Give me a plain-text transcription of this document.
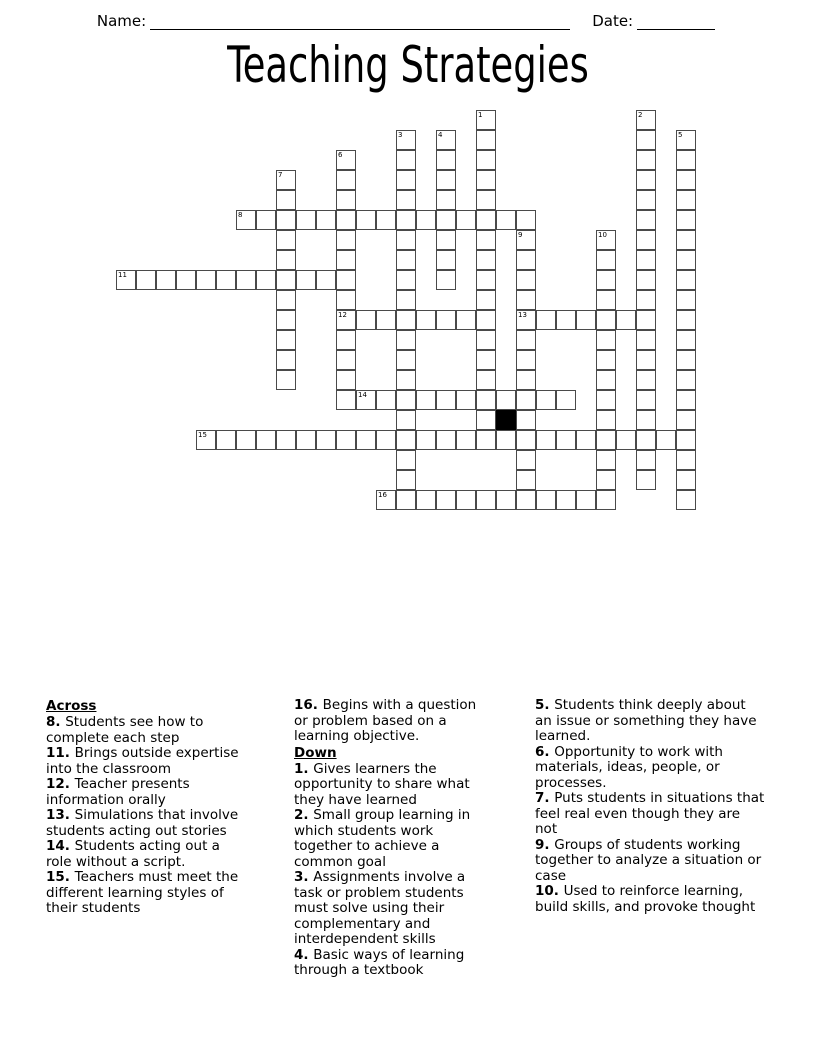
Name:	Date:
Teaching Strategies
1	2
3	4	5
6
12
7
8
9
13
10
11
14
15
16
Across
8. Students see how to complete each step
11. Brings outside expertise into the classroom
12. Teacher presents information orally
13. Simulations that involve students acting out stories
14. Students acting out a role without a script.
15. Teachers must meet the different learning styles of their students
16. Begins with a question or problem based on a learning objective.
Down
1. Gives learners the opportunity to share what they have learned
2. Small group learning in which students work together to achieve a common goal
3. Assignments involve a task or problem students must solve using their complementary and interdependent skills
4. Basic ways of learning through a textbook
5. Students think deeply about an issue or something they have learned.
6. Opportunity to work with materials, ideas, people, or processes.
7. Puts students in situations that feel real even though they are not
9. Groups of students working together to analyze a situation or case
10. Used to reinforce learning, build skills, and provoke thought
